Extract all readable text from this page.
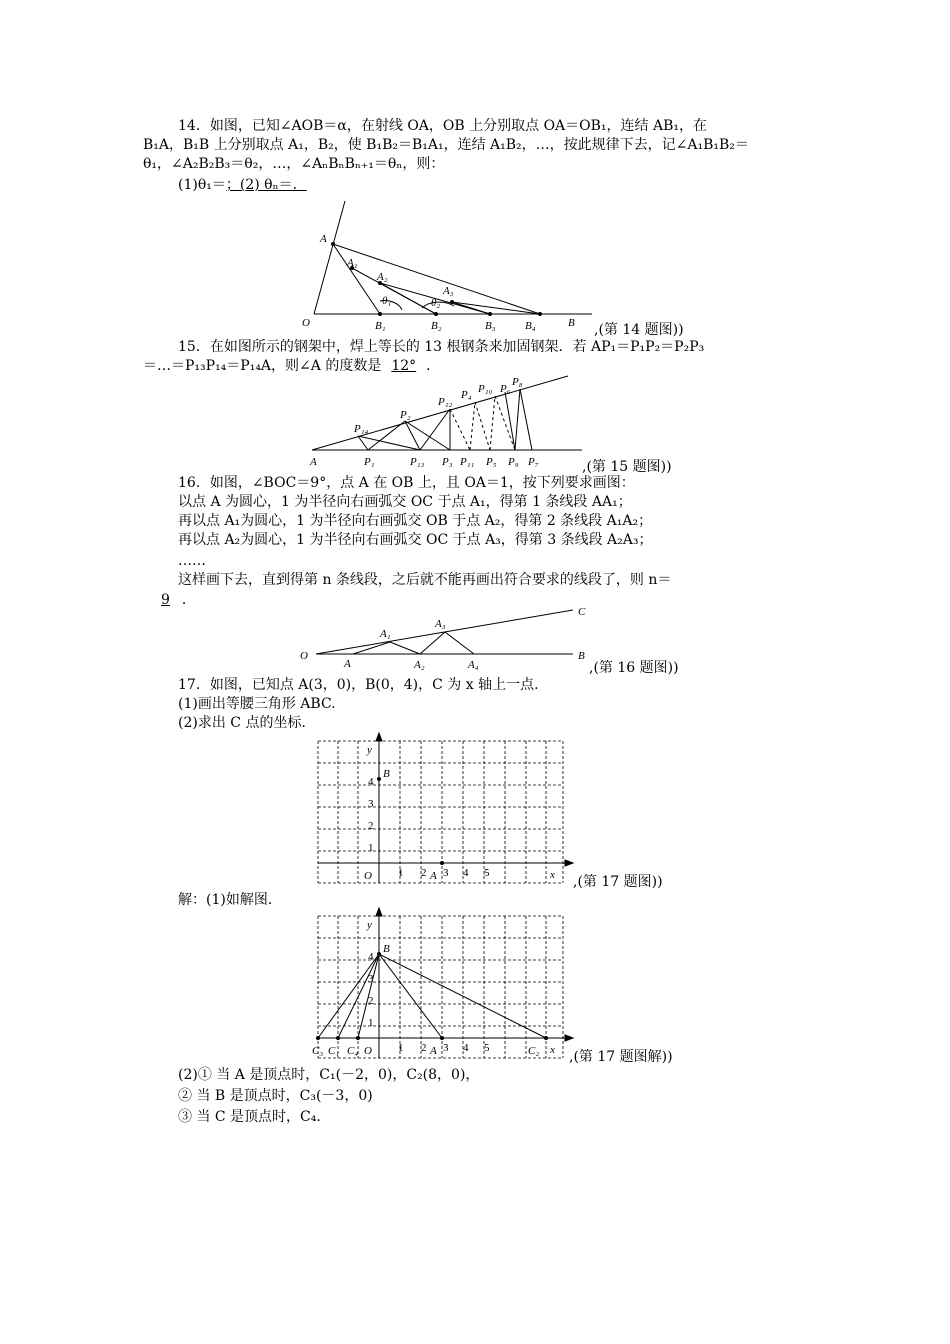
14．如图，已知∠AOB＝α，在射线 OA，OB 上分别取点 OA＝OB₁，连结 AB₁，在
B₁A，B₁B 上分别取点 A₁，B₂，使 B₁B₂＝B₁A₁，连结 A₁B₂，…，按此规律下去，记∠A₁B₁B₂＝
θ₁，∠A₂B₂B₃＝θ₂，…，∠AₙBₙBₙ₊₁＝θₙ，则：
(1)θ₁＝；(2) θₙ＝．
A
A₁
A₂
A₃
θ₁	θ₂
O	B₁	B₂	B₃	B₄	B ,(第 14 题图))
15．在如图所示的钢架中，焊上等长的 13 根钢条来加固钢架．若 AP₁＝P₁P₂＝P₂P₃
＝…＝P₁₃P₁₄＝P₁₄A，则∠A 的度数是 12° ．
A	P₁
P₂
P₁₃
P₁₄
P₃
P₁₂
P₁₁
P₄
P₅
P₁₀ P₆
P₉
P₈
P₇	,(第 15 题图))
16．如图，∠BOC＝9°，点 A 在 OB 上，且 OA＝1，按下列要求画图：
以点 A 为圆心，1 为半径向右画弧交 OC 于点 A₁，得第 1 条线段 AA₁；
再以点 A₁为圆心，1 为半径向右画弧交 OB 于点 A₂，得第 2 条线段 A₁A₂；
再以点 A₂为圆心，1 为半径向右画弧交 OC 于点 A₃，得第 3 条线段 A₂A₃；
……
这样画下去，直到得第 n 条线段，之后就不能再画出符合要求的线段了，则 n＝
9 ．
O
A
A₁
A₂
A₃
A₄
B
C
,(第 16 题图))
17．如图，已知点 A(3，0)，B(0，4)，C 为 x 轴上一点．
(1)画出等腰三角形 ABC.
(2)求出 C 点的坐标．
y
B
4
3
2
1
O 1 2 A 3 4 5	x ,(第 17 题图))
解：(1)如解图．
y
B
4
3
2
1
C₃ C₁ C₄ O 1 2 A 3 4 5	C₂ x ,(第 17 题图解))
(2)① 当 A 是顶点时，C₁(－2，0)，C₂(8，0)，
② 当 B 是顶点时，C₃(－3，0)
③ 当 C 是顶点时，C₄.
